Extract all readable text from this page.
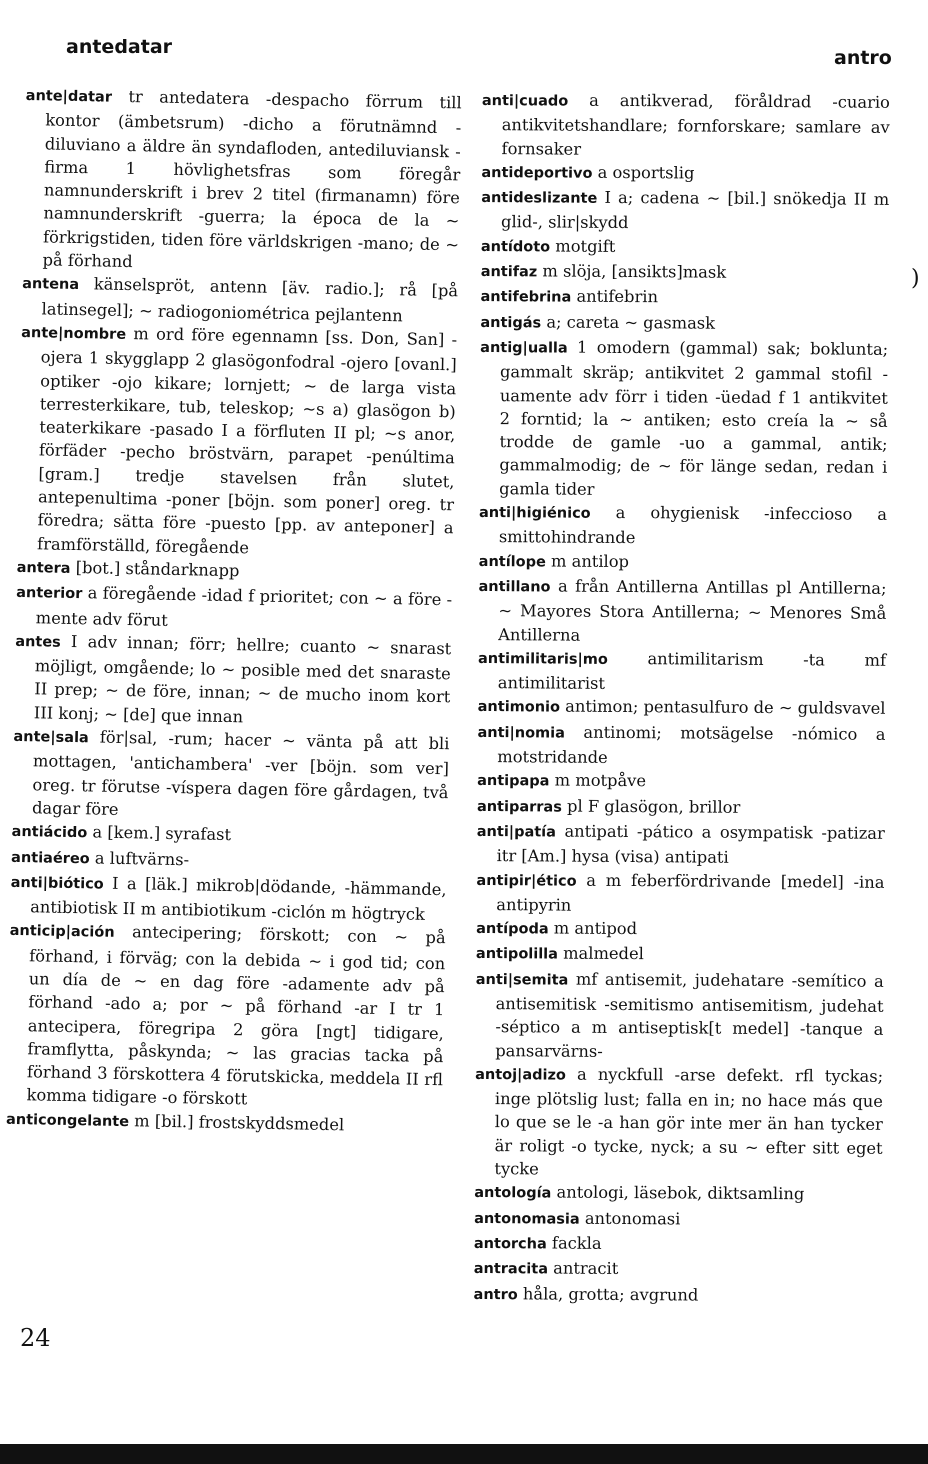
antedatar	antro
ante|datar tr antedatera -despacho förrum till kontor (ämbetsrum) -dicho a förutnämnd -diluviano a äldre än syndafloden, antediluviansk -firma 1 hövlighetsfras som föregår namnunderskrift i brev 2 titel (firmanamn) före namnunderskrift -guerra; la época de la ~ förkrigstiden, tiden före världskrigen -mano; de ~ på förhand
antena känselspröt, antenn [äv. radio.]; rå [på latinsegel]; ~ radiogoniométrica pejlantenn
ante|nombre m ord före egennamn [ss. Don, San] -ojera 1 skygglapp 2 glasögonfodral -ojero [ovanl.] optiker -ojo kikare; lornjett; ~ de larga vista terresterkikare, tub, teleskop; ~s a) glasögon b) teaterkikare -pasado I a förfluten II pl; ~s anor, förfäder -pecho bröstvärn, parapet -penúltima [gram.] tredje stavelsen från slutet, antepenultima -poner [böjn. som poner] oreg. tr föredra; sätta före -puesto [pp. av anteponer] a framförställd, föregående
antera [bot.] ståndarknapp
anterior a föregående -idad f prioritet; con ~ a före -mente adv förut
antes I adv innan; förr; hellre; cuanto ~ snarast möjligt, omgående; lo ~ posible med det snaraste II prep; ~ de före, innan; ~ de mucho inom kort III konj; ~ [de] que innan
ante|sala för|sal, -rum; hacer ~ vänta på att bli mottagen, 'antichambera' -ver [böjn. som ver] oreg. tr förutse -víspera dagen före gårdagen, två dagar före
antiácido a [kem.] syrafast
antiaéreo a luftvärns-
anti|biótico I a [läk.] mikrob|dödande, -hämmande, antibiotisk II m antibiotikum -ciclón m högtryck
anticip|ación antecipering; förskott; con ~ på förhand, i förväg; con la debida ~ i god tid; con un día de ~ en dag före -adamente adv på förhand -ado a; por ~ på förhand -ar I tr 1 antecipera, föregripa 2 göra [ngt] tidigare, framflytta, påskynda; ~ las gracias tacka på förhand 3 förskottera 4 förutskicka, meddela II rfl komma tidigare -o förskott
anticongelante m [bil.] frostskyddsmedel
anti|cuado a antikverad, föråldrad -cuario antikvitetshandlare; fornforskare; samlare av fornsaker
antideportivo a osportslig
antideslizante I a; cadena ~ [bil.] snökedja II m glid-, slir|skydd
antídoto motgift
antifaz m slöja, [ansikts]mask
antifebrina antifebrin
antigás a; careta ~ gasmask
antig|ualla 1 omodern (gammal) sak; boklunta; gammalt skräp; antikvitet 2 gammal stofil -uamente adv förr i tiden -üedad f 1 antikvitet 2 forntid; la ~ antiken; esto creía la ~ så trodde de gamle -uo a gammal, antik; gammalmodig; de ~ för länge sedan, redan i gamla tider
anti|higiénico a ohygienisk -infeccioso a smittohindrande
antílope m antilop
antillano a från Antillerna Antillas pl Antillerna; ~ Mayores Stora Antillerna; ~ Menores Små Antillerna
antimilitaris|mo antimilitarism -ta mf antimilitarist
antimonio antimon; pentasulfuro de ~ guldsvavel
anti|nomia antinomi; motsägelse -nómico a motstridande
antipapa m motpåve
antiparras pl F glasögon, brillor
anti|patía antipati -pático a osympatisk -patizar itr [Am.] hysa (visa) antipati
antipir|ético a m feberfördrivande [medel] -ina antipyrin
antípoda m antipod
antipolilla malmedel
anti|semita mf antisemit, judehatare -semítico a antisemitisk -semitismo antisemitism, judehat -séptico a m antiseptisk[t medel] -tanque a pansarvärns-
antoj|adizo a nyckfull -arse defekt. rfl tyckas; inge plötslig lust; falla en in; no hace más que lo que se le -a han gör inte mer än han tycker är roligt -o tycke, nyck; a su ~ efter sitt eget tycke
antología antologi, läsebok, diktsamling
antonomasia antonomasi
antorcha fackla
antracita antracit
antro håla, grotta; avgrund
)
24
